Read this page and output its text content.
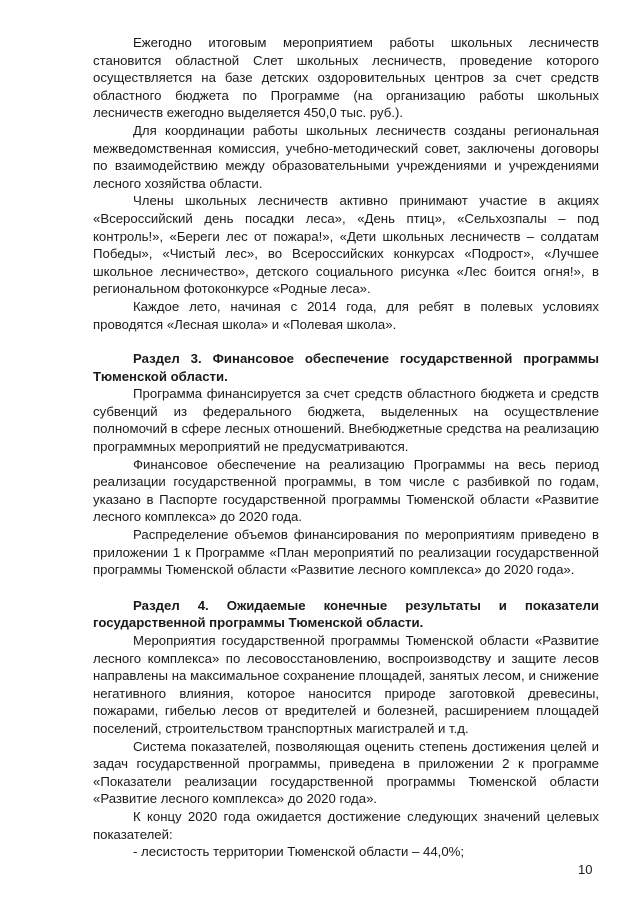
Ежегодно итоговым мероприятием работы школьных лесничеств становится областной Слет школьных лесничеств, проведение которого осуществляется на базе детских оздоровительных центров за счет средств областного бюджета по Программе (на организацию работы школьных лесничеств ежегодно выделяется 450,0 тыс. руб.).

Для координации работы школьных лесничеств созданы региональная межведомственная комиссия, учебно-методический совет, заключены договоры по взаимодействию между образовательными учреждениями и учреждениями лесного хозяйства области.

Члены школьных лесничеств активно принимают участие в акциях «Всероссийский день посадки леса», «День птиц», «Сельхозпалы – под контроль!», «Береги лес от пожара!», «Дети школьных лесничеств – солдатам Победы», «Чистый лес», во Всероссийских конкурсах «Подрост», «Лучшее школьное лесничество», детского социального рисунка «Лес боится огня!», в региональном фотоконкурсе «Родные леса».

Каждое лето, начиная с 2014 года, для ребят в полевых условиях проводятся «Лесная школа» и «Полевая школа».

Раздел 3. Финансовое обеспечение государственной программы Тюменской области.

Программа финансируется за счет средств областного бюджета и средств субвенций из федерального бюджета, выделенных на осуществление полномочий в сфере лесных отношений. Внебюджетные средства на реализацию программных мероприятий не предусматриваются.

Финансовое обеспечение на реализацию Программы на весь период реализации государственной программы, в том числе с разбивкой по годам, указано в Паспорте государственной программы Тюменской области «Развитие лесного комплекса» до 2020 года.

Распределение объемов финансирования по мероприятиям приведено в приложении 1 к Программе «План мероприятий по реализации государственной программы Тюменской области «Развитие лесного комплекса» до 2020 года».

Раздел 4. Ожидаемые конечные результаты и показатели государственной программы Тюменской области.

Мероприятия государственной программы Тюменской области «Развитие лесного комплекса» по лесовосстановлению, воспроизводству и защите лесов направлены на максимальное сохранение площадей, занятых лесом, и снижение негативного влияния, которое наносится природе заготовкой древесины, пожарами, гибелью лесов от вредителей и болезней, расширением площадей поселений, строительством транспортных магистралей и т.д.

Система показателей, позволяющая оценить степень достижения целей и задач государственной программы, приведена в приложении 2 к программе «Показатели реализации государственной программы Тюменской области «Развитие лесного комплекса» до 2020 года».

К концу 2020 года ожидается достижение следующих значений целевых показателей:

- лесистость территории Тюменской области – 44,0%;

10
